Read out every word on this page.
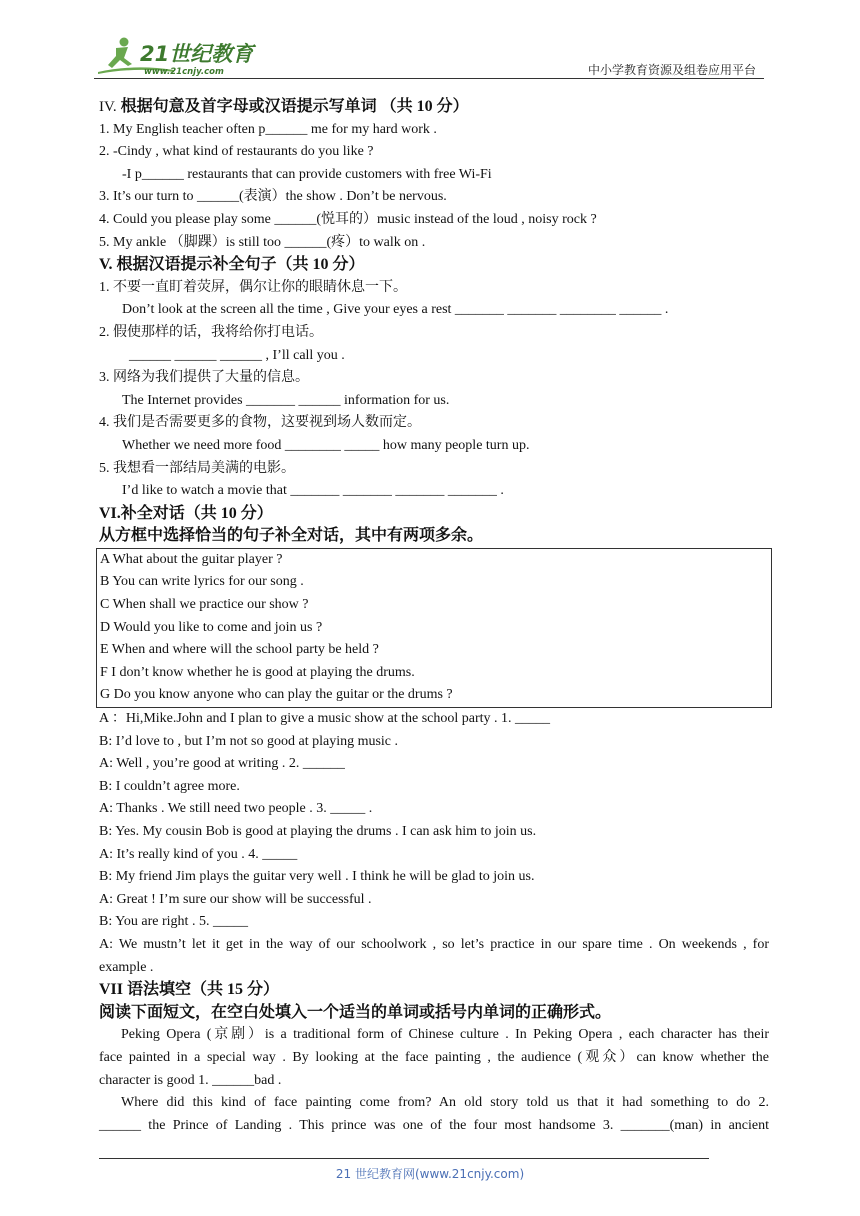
21世纪教育
www.21cnjy.com	中小学教育资源及组卷应用平台
IV. 根据句意及首字母或汉语提示写单词 （共 10 分）
1. My English teacher often p______ me for my hard work .
2. -Cindy , what kind of restaurants do you like ?
-I p______ restaurants that can provide customers with free Wi-Fi
3. It’s our turn to ______(表演）the show . Don’t be nervous.
4. Could you please play some ______(悦耳的）music instead of the loud , noisy rock ?
5. My ankle （脚踝）is still too ______(疼）to walk on .
V. 根据汉语提示补全句子（共 10 分）
1. 不要一直盯着荧屏，偶尔让你的眼睛休息一下。
Don’t look at the screen all the time , Give your eyes a rest _______ _______ ________ ______ .
2. 假使那样的话，我将给你打电话。
______ ______ ______ , I’ll call you .
3. 网络为我们提供了大量的信息。
The Internet provides _______ ______ information for us.
4. 我们是否需要更多的食物，这要视到场人数而定。
Whether we need more food ________ _____ how many people turn up.
5. 我想看一部结局美满的电影。
I’d like to watch a movie that _______ _______ _______ _______ .
VI.补全对话（共 10 分）
从方框中选择恰当的句子补全对话，其中有两项多余。
A What about the guitar player ?
B You can write lyrics for our song .
C When shall we practice our show ?
D Would you like to come and join us ?
E When and where will the school party be held ?
F I don’t know whether he is good at playing the drums.
G Do you know anyone who can play the guitar or the drums ?
A ：Hi,Mike.John and I plan to give a music show at the school party . 1. _____
B: I’d love to , but I’m not so good at playing music .
A: Well , you’re good at writing . 2. ______
B: I couldn’t agree more.
A: Thanks . We still need two people . 3. _____ .
B: Yes. My cousin Bob is good at playing the drums . I can ask him to join us.
A: It’s really kind of you . 4. _____
B: My friend Jim plays the guitar very well . I think he will be glad to join us.
A: Great ! I’m sure our show will be successful .
B: You are right . 5. _____
A: We mustn’t let it get in the way of our schoolwork , so let’s practice in our spare time . On weekends , for
example .
VII 语法填空（共 15 分）
阅读下面短文，在空白处填入一个适当的单词或括号内单词的正确形式。
Peking Opera (京剧）is a traditional form of Chinese culture . In Peking Opera , each character has their
face painted in a special way . By looking at the face painting , the audience (观众）can know whether the
character is good 1. ______bad .
Where did this kind of face painting come from? An old story told us that it had something to do 2.
______ the Prince of Landing . This prince was one of the four most handsome 3. _______(man) in ancient
21 世纪教育网(www.21cnjy.com)
